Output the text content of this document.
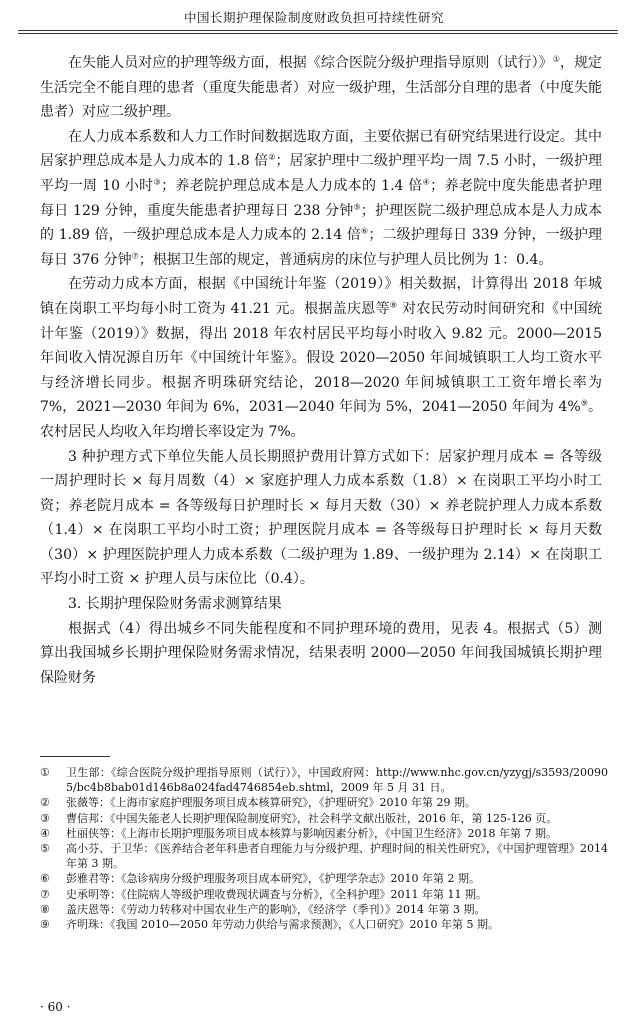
中国长期护理保险制度财政负担可持续性研究

在失能人员对应的护理等级方面，根据《综合医院分级护理指导原则（试行）》①，规定生活完全不能自理的患者（重度失能患者）对应一级护理，生活部分自理的患者（中度失能患者）对应二级护理。

在人力成本系数和人力工作时间数据选取方面，主要依据已有研究结果进行设定。其中居家护理总成本是人力成本的 1.8 倍②；居家护理中二级护理平均一周 7.5 小时，一级护理平均一周 10 小时③；养老院护理总成本是人力成本的 1.4 倍④；养老院中度失能患者护理每日 129 分钟，重度失能患者护理每日 238 分钟⑤；护理医院二级护理总成本是人力成本的 1.89 倍，一级护理总成本是人力成本的 2.14 倍⑥；二级护理每日 339 分钟，一级护理每日 376 分钟⑦；根据卫生部的规定，普通病房的床位与护理人员比例为 1：0.4。

在劳动力成本方面，根据《中国统计年鉴（2019）》相关数据，计算得出 2018 年城镇在岗职工平均每小时工资为 41.21 元。根据盖庆恩等⑧ 对农民劳动时间研究和《中国统计年鉴（2019）》数据，得出 2018 年农村居民平均每小时收入 9.82 元。2000—2015 年间收入情况源自历年《中国统计年鉴》。假设 2020—2050 年间城镇职工人均工资水平与经济增长同步。根据齐明珠研究结论，2018—2020 年间城镇职工工资年增长率为 7%，2021—2030 年间为 6%，2031—2040 年间为 5%，2041—2050 年间为 4%⑨。农村居民人均收入年均增长率设定为 7%。

3 种护理方式下单位失能人员长期照护费用计算方式如下：居家护理月成本 = 各等级一周护理时长 × 每月周数（4）× 家庭护理人力成本系数（1.8）× 在岗职工平均小时工资；养老院月成本 = 各等级每日护理时长 × 每月天数（30）× 养老院护理人力成本系数（1.4）× 在岗职工平均小时工资；护理医院月成本 = 各等级每日护理时长 × 每月天数（30）× 护理医院护理人力成本系数（二级护理为 1.89、一级护理为 2.14）× 在岗职工平均小时工资 × 护理人员与床位比（0.4）。

3. 长期护理保险财务需求测算结果

根据式（4）得出城乡不同失能程度和不同护理环境的费用，见表 4。根据式（5）测算出我国城乡长期护理保险财务需求情况，结果表明 2000—2050 年间我国城镇长期护理保险财务

①	卫生部：《综合医院分级护理指导原则（试行）》，中国政府网：http://www.nhc.gov.cn/yzygj/s3593/200905/bc4b8bab01d146b8a024fad4746854eb.shtml，2009 年 5 月 31 日。
②	张薇等：《上海市家庭护理服务项目成本核算研究》，《护理研究》2010 年第 29 期。
③	曹信邦：《中国失能老人长期护理保险制度研究》，社会科学文献出版社，2016 年，第 125-126 页。
④	杜丽侠等：《上海市长期护理服务项目成本核算与影响因素分析》，《中国卫生经济》2018 年第 7 期。
⑤	高小芬、于卫华：《医养结合老年科患者自理能力与分级护理、护理时间的相关性研究》，《中国护理管理》2014 年第 3 期。
⑥	彭雅君等：《急诊病房分级护理服务项目成本研究》，《护理学杂志》2010 年第 2 期。
⑦	史承明等：《住院病人等级护理收费现状调查与分析》，《全科护理》2011 年第 11 期。
⑧	盖庆恩等：《劳动力转移对中国农业生产的影响》，《经济学（季刊）》2014 年第 3 期。
⑨	齐明珠：《我国 2010—2050 年劳动力供给与需求预测》，《人口研究》2010 年第 5 期。
· 60 ·
